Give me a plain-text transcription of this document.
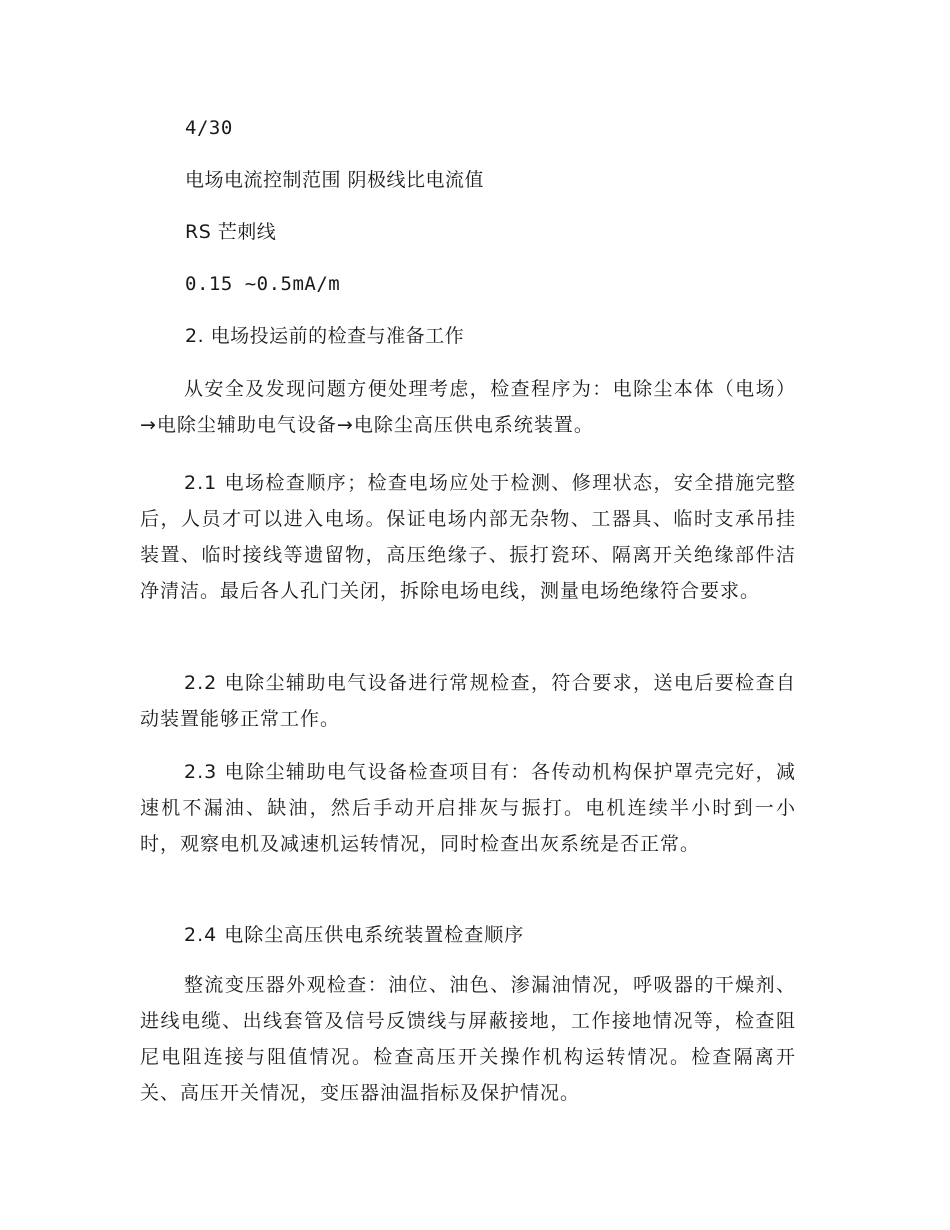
4/30
电场电流控制范围 阴极线比电流值
RS 芒刺线
0.15 ~0.5mA/m
2. 电场投运前的检查与准备工作
从安全及发现问题方便处理考虑，检查程序为：电除尘本体（电场）→电除尘辅助电气设备→电除尘高压供电系统装置。
2.1 电场检查顺序；检查电场应处于检测、修理状态，安全措施完整后，人员才可以进入电场。保证电场内部无杂物、工器具、临时支承吊挂装置、临时接线等遗留物，高压绝缘子、振打瓷环、隔离开关绝缘部件洁净清洁。最后各人孔门关闭，拆除电场电线，测量电场绝缘符合要求。
2.2 电除尘辅助电气设备进行常规检查，符合要求，送电后要检查自动装置能够正常工作。
2.3 电除尘辅助电气设备检查项目有：各传动机构保护罩壳完好，减速机不漏油、缺油，然后手动开启排灰与振打。电机连续半小时到一小时，观察电机及减速机运转情况，同时检查出灰系统是否正常。
2.4 电除尘高压供电系统装置检查顺序
整流变压器外观检查：油位、油色、渗漏油情况，呼吸器的干燥剂、进线电缆、出线套管及信号反馈线与屏蔽接地，工作接地情况等，检查阻尼电阻连接与阻值情况。检查高压开关操作机构运转情况。检查隔离开关、高压开关情况，变压器油温指标及保护情况。
